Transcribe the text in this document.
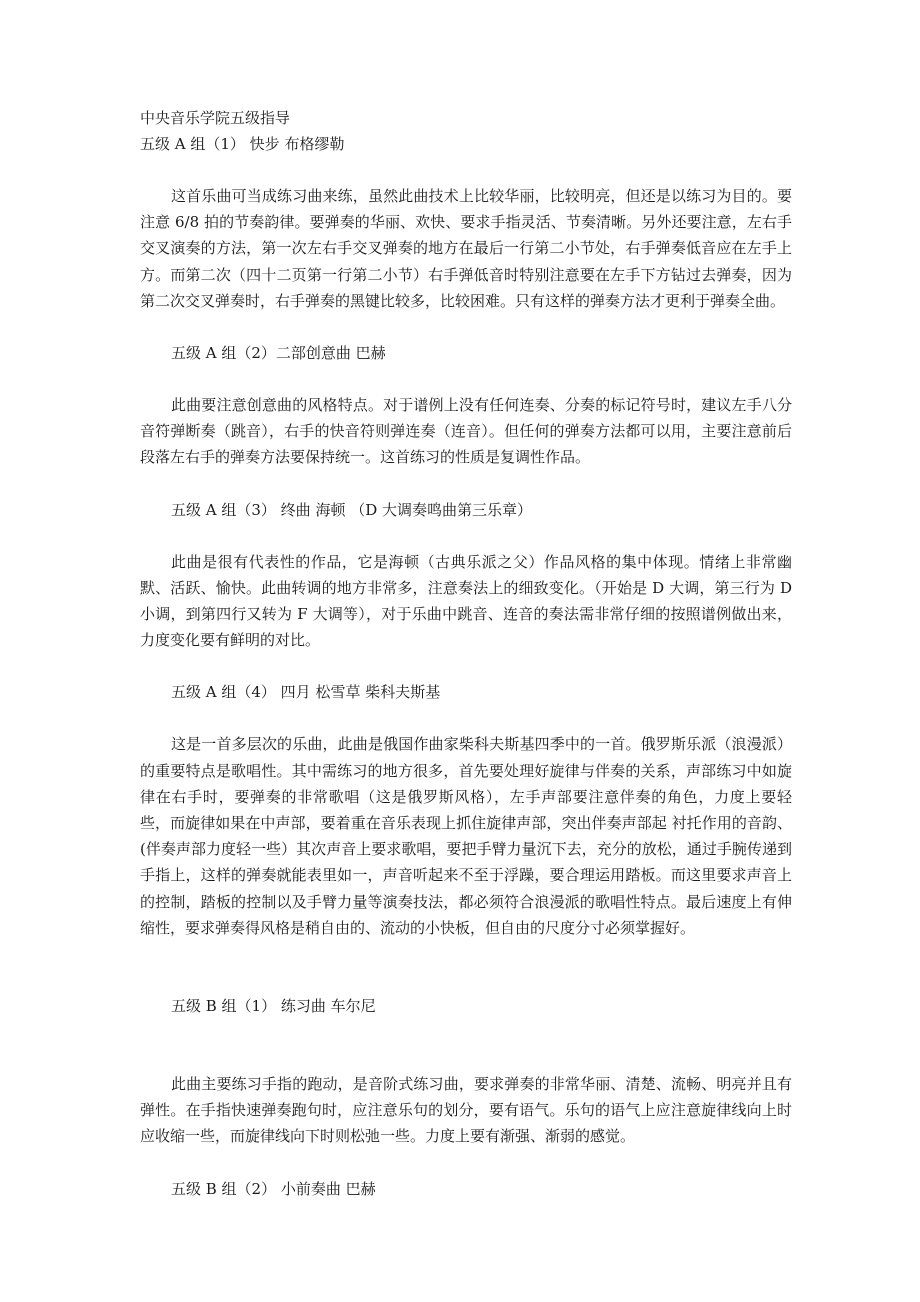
中央音乐学院五级指导

五级 A 组（1） 快步 布格缪勒

这首乐曲可当成练习曲来练，虽然此曲技术上比较华丽，比较明亮，但还是以练习为目的。要注意 6/8 拍的节奏韵律。要弹奏的华丽、欢快、要求手指灵活、节奏清晰。另外还要注意，左右手交叉演奏的方法，第一次左右手交叉弹奏的地方在最后一行第二小节处，右手弹奏低音应在左手上方。而第二次（四十二页第一行第二小节）右手弹低音时特别注意要在左手下方钻过去弹奏，因为第二次交叉弹奏时，右手弹奏的黑键比较多，比较困难。只有这样的弹奏方法才更利于弹奏全曲。

五级 A 组（2）二部创意曲 巴赫

此曲要注意创意曲的风格特点。对于谱例上没有任何连奏、分奏的标记符号时，建议左手八分音符弹断奏（跳音），右手的快音符则弹连奏（连音）。但任何的弹奏方法都可以用，主要注意前后段落左右手的弹奏方法要保持统一。这首练习的性质是复调性作品。

五级 A 组（3） 终曲 海顿 （D 大调奏鸣曲第三乐章）

此曲是很有代表性的作品，它是海顿（古典乐派之父）作品风格的集中体现。情绪上非常幽默、活跃、愉快。此曲转调的地方非常多，注意奏法上的细致变化。（开始是 D 大调，第三行为 D 小调，到第四行又转为 F 大调等），对于乐曲中跳音、连音的奏法需非常仔细的按照谱例做出来，力度变化要有鲜明的对比。

五级 A 组（4） 四月 松雪草 柴科夫斯基

这是一首多层次的乐曲，此曲是俄国作曲家柴科夫斯基四季中的一首。俄罗斯乐派（浪漫派）的重要特点是歌唱性。其中需练习的地方很多，首先要处理好旋律与伴奏的关系，声部练习中如旋律在右手时，要弹奏的非常歌唱（这是俄罗斯风格），左手声部要注意伴奏的角色，力度上要轻些，而旋律如果在中声部，要着重在音乐表现上抓住旋律声部，突出伴奏声部起 衬托作用的音韵、(伴奏声部力度轻一些）其次声音上要求歌唱，要把手臂力量沉下去，充分的放松，通过手腕传递到手指上，这样的弹奏就能表里如一，声音听起来不至于浮躁，要合理运用踏板。而这里要求声音上的控制，踏板的控制以及手臂力量等演奏技法，都必须符合浪漫派的歌唱性特点。最后速度上有伸缩性，要求弹奏得风格是稍自由的、流动的小快板，但自由的尺度分寸必须掌握好。

五级 B 组（1） 练习曲 车尔尼

此曲主要练习手指的跑动，是音阶式练习曲，要求弹奏的非常华丽、清楚、流畅、明亮并且有弹性。在手指快速弹奏跑句时，应注意乐句的划分，要有语气。乐句的语气上应注意旋律线向上时应收缩一些，而旋律线向下时则松弛一些。力度上要有渐强、渐弱的感觉。

五级 B 组（2） 小前奏曲 巴赫
